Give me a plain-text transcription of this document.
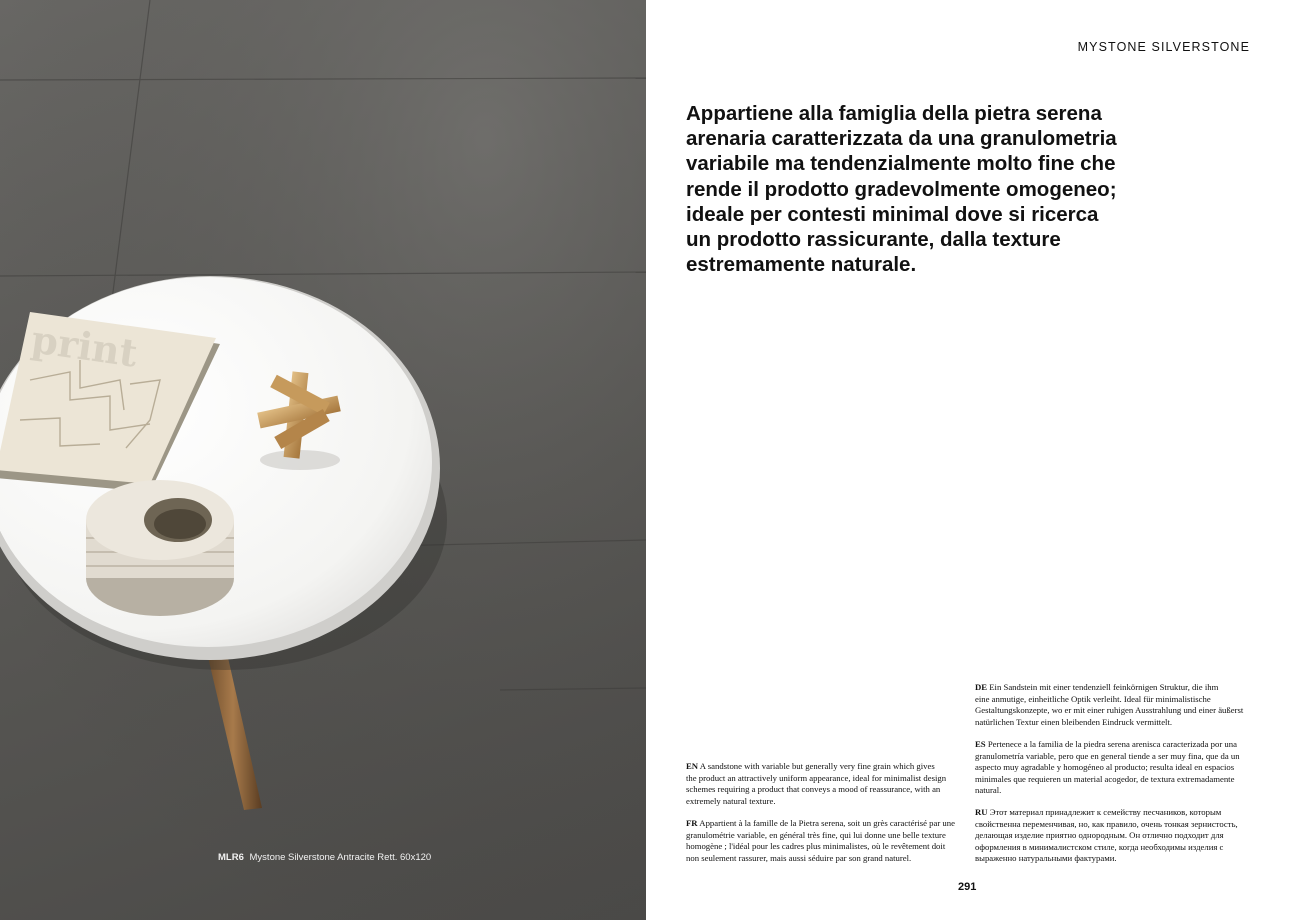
print
MLR6 Mystone Silverstone Antracite Rett. 60x120
MYSTONE SILVERSTONE
Appartiene alla famiglia della pietra serena
arenaria caratterizzata da una granulometria
variabile ma tendenzialmente molto fine che
rende il prodotto gradevolmente omogeneo;
ideale per contesti minimal dove si ricerca
un prodotto rassicurante, dalla texture
estremamente naturale.

DE Ein Sandstein mit einer tendenziell feinkörnigen Struktur, die ihm
eine anmutige, einheitliche Optik verleiht. Ideal für minimalistische
Gestaltungskonzepte, wo er mit einer ruhigen Ausstrahlung und einer äußerst
natürlichen Textur einen bleibenden Eindruck vermittelt.

ES Pertenece a la familia de la piedra serena arenisca caracterizada por una
granulometría variable, pero que en general tiende a ser muy fina, que da un
aspecto muy agradable y homogéneo al producto; resulta ideal en espacios
minimales que requieren un material acogedor, de textura extremadamente
natural.

RU Этот материал принадлежит к семейству песчаников, которым
свойственна переменчивая, но, как правило, очень тонкая зернистость,
делающая изделие приятно однородным. Он отлично подходит для
оформления в минималистском стиле, когда необходимы изделия с
выраженно натуральными фактурами.

EN A sandstone with variable but generally very fine grain which gives
the product an attractively uniform appearance, ideal for minimalist design
schemes requiring a product that conveys a mood of reassurance, with an
extremely natural texture.

FR Appartient à la famille de la Pietra serena, soit un grès caractérisé par une
granulométrie variable, en général très fine, qui lui donne une belle texture
homogène ; l'idéal pour les cadres plus minimalistes, où le revêtement doit
non seulement rassurer, mais aussi séduire par son grand naturel.

291
